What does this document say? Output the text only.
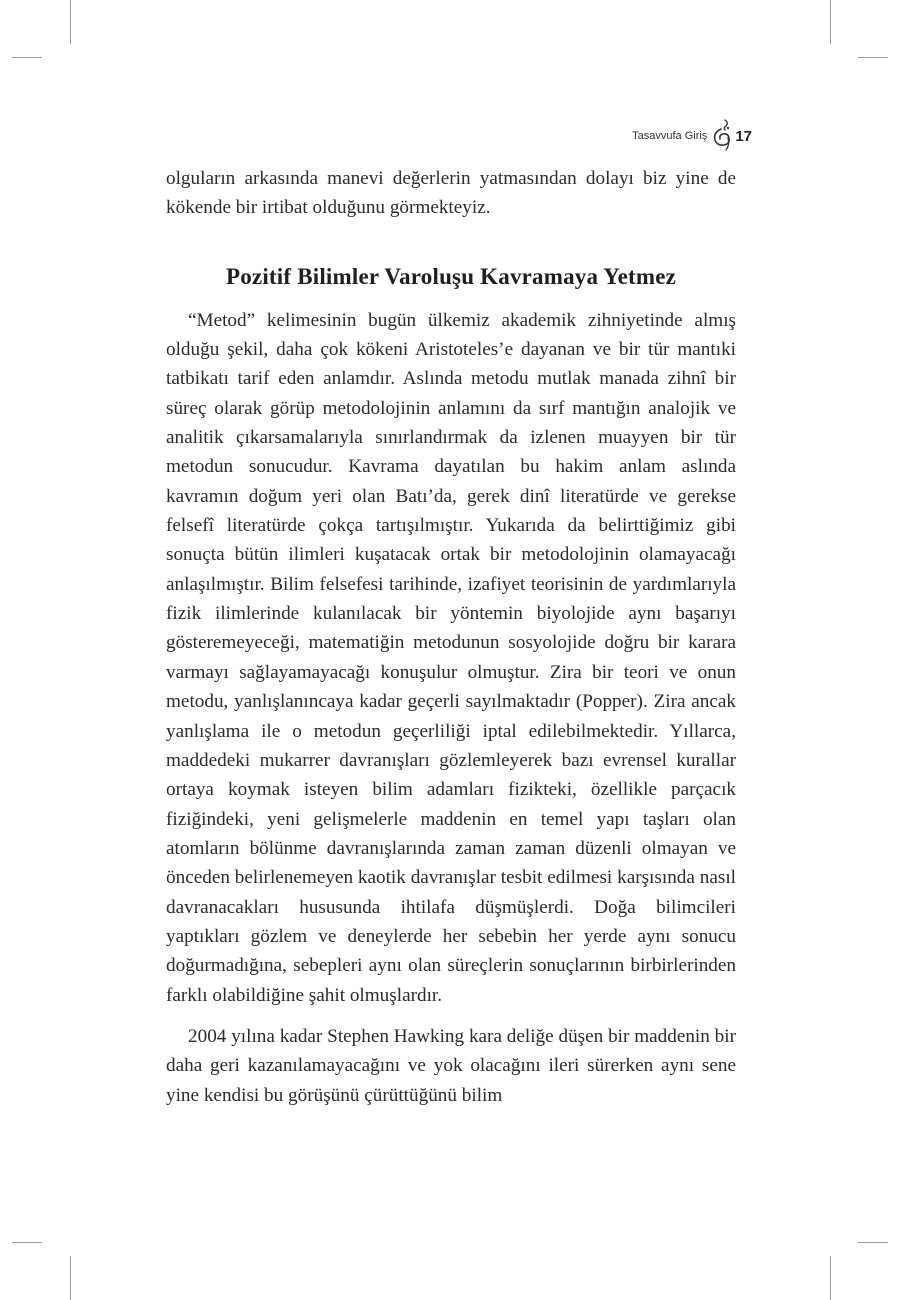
Tasavvufa Giriş 17

olguların arkasında manevi değerlerin yatmasından dolayı biz yine de kökende bir irtibat olduğunu görmekteyiz.

Pozitif Bilimler Varoluşu Kavramaya Yetmez

“Metod” kelimesinin bugün ülkemiz akademik zihniyetinde almış olduğu şekil, daha çok kökeni Aristoteles’e dayanan ve bir tür mantıki tatbikatı tarif eden anlamdır. Aslında metodu mutlak manada zihnî bir süreç olarak görüp metodolojinin anlamını da sırf mantığın analojik ve analitik çıkarsamalarıyla sınırlandırmak da izlenen muayyen bir tür metodun sonucudur. Kavrama dayatılan bu hakim anlam aslında kavramın doğum yeri olan Batı’da, gerek dinî literatürde ve gerekse felsefî literatürde çokça tartışılmıştır. Yukarıda da belirttiğimiz gibi sonuçta bütün ilimleri kuşatacak ortak bir metodolojinin olamayacağı anlaşılmıştır. Bilim felsefesi tarihinde, izafiyet teorisinin de yardımlarıyla fizik ilimlerinde kulanılacak bir yöntemin biyolojide aynı başarıyı gösteremeyeceği, matematiğin metodunun sosyolojide doğru bir karara varmayı sağlayamayacağı konuşulur olmuştur. Zira bir teori ve onun metodu, yanlışlanıncaya kadar geçerli sayılmaktadır (Popper). Zira ancak yanlışlama ile o metodun geçerliliği iptal edilebilmektedir. Yıllarca, maddedeki mukarrer davranışları gözlemleyerek bazı evrensel kurallar ortaya koymak isteyen bilim adamları fizikteki, özellikle parçacık fiziğindeki, yeni gelişmelerle maddenin en temel yapı taşları olan atomların bölünme davranışlarında zaman zaman düzenli olmayan ve önceden belirlenemeyen kaotik davranışlar tesbit edilmesi karşısında nasıl davranacakları hususunda ihtilafa düşmüşlerdi. Doğa bilimcileri yaptıkları gözlem ve deneylerde her sebebin her yerde aynı sonucu doğurmadığına, sebepleri aynı olan süreçlerin sonuçlarının birbirlerinden farklı olabildiğine şahit olmuşlardır.

2004 yılına kadar Stephen Hawking kara deliğe düşen bir maddenin bir daha geri kazanılamayacağını ve yok olacağını ileri sürerken aynı sene yine kendisi bu görüşünü çürüttüğünü bilim
